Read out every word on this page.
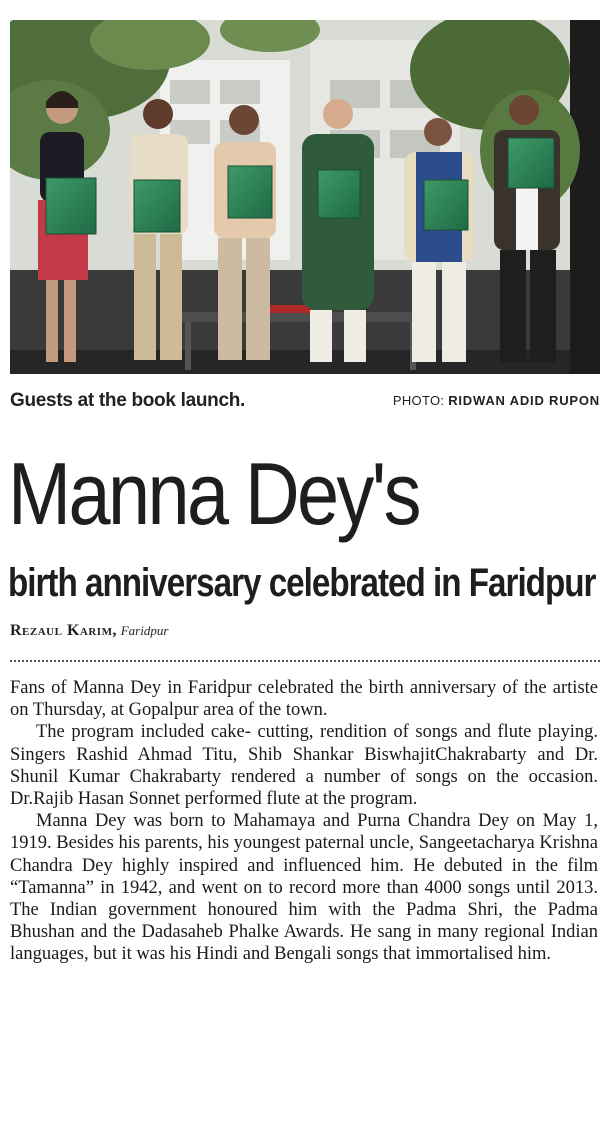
Guests at the book launch.	PHOTO: RIDWAN ADID RUPON
Manna Dey's
birth anniversary celebrated in Faridpur
Rezaul Karim, Faridpur

Fans of Manna Dey in Faridpur celebrated the birth anniversary of the artiste on Thursday, at Gopalpur area of the town.

The program included cake- cutting, rendition of songs and flute playing. Singers Rashid Ahmad Titu, Shib Shankar BiswhajitChakrabarty and Dr. Shunil Kumar Chakrabarty rendered a number of songs on the occasion. Dr.Rajib Hasan Sonnet performed flute at the program.

Manna Dey was born to Mahamaya and Purna Chandra Dey on May 1, 1919. Besides his parents, his youngest paternal uncle, Sangeetacharya Krishna Chandra Dey highly inspired and influenced him. He debuted in the film “Tamanna” in 1942, and went on to record more than 4000 songs until 2013. The Indian government honoured him with the Padma Shri, the Padma Bhushan and the Dadasaheb Phalke Awards. He sang in many regional Indian languages, but it was his Hindi and Bengali songs that immortalised him.
